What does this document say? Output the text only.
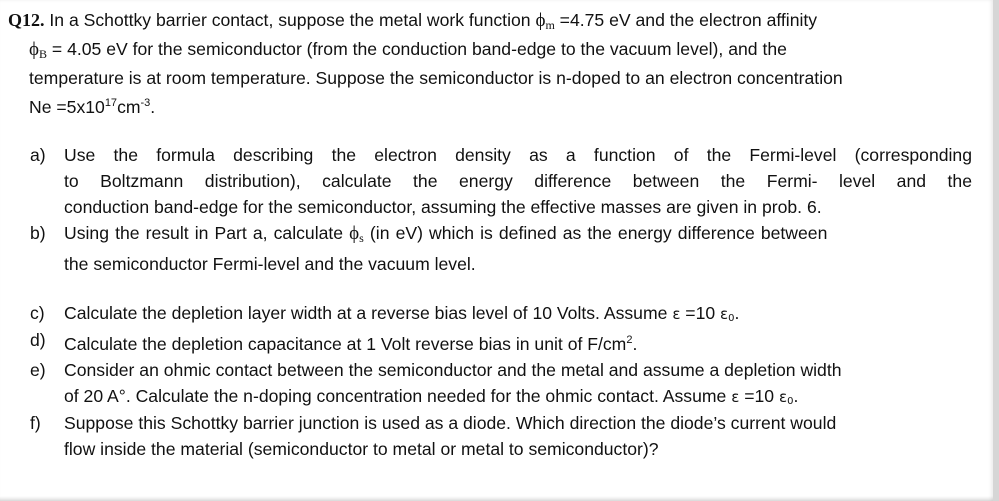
Q12. In a Schottky barrier contact, suppose the metal work function $\phi_m =4.75$ eV and the electron affinity
$\phi_B = 4.05$ eV for the semiconductor (from the conduction band-edge to the vacuum level), and the
temperature is at room temperature. Suppose the semiconductor is n-doped to an electron concentration
$Ne =5x10^{17}cm^{-3}$.
a)	Use the formula describing the electron density as a function of the Fermi-level (corresponding
to Boltzmann distribution), calculate the energy difference between the Fermi- level and the
conduction band-edge for the semiconductor, assuming the effective masses are given in prob. 6.
b)	Using the result in Part a, calculate $\phi_s$ (in eV) which is defined as the energy difference between
the semiconductor Fermi-level and the vacuum level.
c)	Calculate the depletion layer width at a reverse bias level of 10 Volts. Assume ε =10 $\varepsilon_0$.
d)	Calculate the depletion capacitance at 1 Volt reverse bias in unit of $F/cm^2$.
e)	Consider an ohmic contact between the semiconductor and the metal and assume a depletion width
of 20 A°. Calculate the n-doping concentration needed for the ohmic contact. Assume ε =10 $\varepsilon_0$.
f)	Suppose this Schottky barrier junction is used as a diode. Which direction the diode’s current would
flow inside the material (semiconductor to metal or metal to semiconductor)?
